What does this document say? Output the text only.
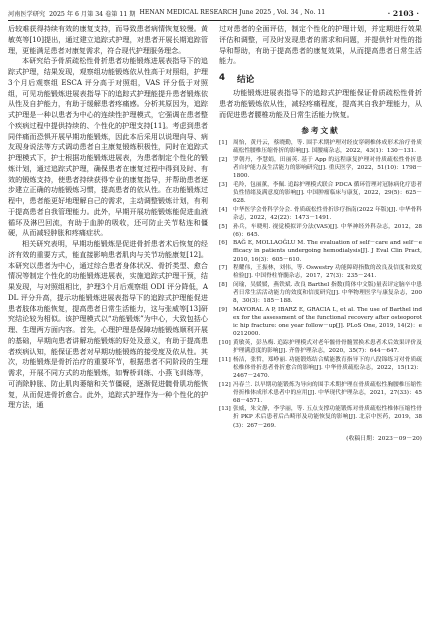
河南医学研究 2025 年 6 月第 34 卷第 11 期 HENAN MEDICAL RESEARCH June 2025 , Vol. 34 , No. 11	· 2103 ·

后较难获得持续有效的康复支持，而导致患者病情恢复较慢。黄敏英等[10]提出，通过建立追踪式护理，对患者开展长期追踪管理，更能满足患者对康复需求，符合现代护理服务理念。

本研究给予骨质疏松性骨折患者功能锻炼进展表指导下的追踪式护理，结果发现，观察组功能锻炼依从性高于对照组，护理3个月后观察组 ESCA 评分高于对照组，VAS 评分低于对照组，可见功能锻炼进展表指导下的追踪式护理能提升患者锻炼依从性及自护能力，有助于缓解患者疼痛感。分析其原因为，追踪式护理是一种以患者为中心的连续性护理模式，它强调在患者整个疾病过程中提供持续的、个性化的护理支持[11]。考虑到患者同伴痛而恐惧开展早期功能锻炼，因此本后采用以说理向导、病友现身说法等方式调动患者自主康复锻炼积极性，同时在追踪式护理模式下，护士根据功能锻炼进展表，为患者制定个性化的锻炼计划，通过追踪式护理，确保患者在康复过程中得到及时、有效的锻炼支持，使患者持续获得专业的康复指导，并帮助患者逐步建立正确的功能锻炼习惯，提高患者的依从性。在功能锻炼过程中，患者能更好地理解自己的需求，主动调整锻炼计划，有利于提高患者自我管理能力。此外，早期开展功能锻炼能促进血液循环及淋巴回流，有助于血肿的吸收，还可防止关节粘连和僵硬，从而减轻肿胀和疼痛症状。

相关研究表明，早期功能锻炼是促进骨折患者术后恢复的经济有效的重要方式，能直接影响患者肌肉与关节功能康复[12]。本研究以患者为中心，通过综合患者身体状况、骨折类型、愈合情况等制定个性化的功能锻炼进展表，实施追踪式护理干预，结果发现，与对照组相比，护理3个月后观察组 ODI 评分降低，ADL 评分升高，提示功能锻炼进展表指导下的追踪式护理能促进患者肢体功能恢复，提高患者日常生活能力，这与张威等[13]研究结论较为相似。该护理模式以“功能锻炼”为中心，大致包括心理、生理两方面内容。首先，心理护理是保障功能锻炼顺利开展的基础，早期向患者讲解功能锻炼的好处及意义，有助于提高患者疾病认知，能保证患者对早期功能锻炼的接受度及依从性。其次，功能锻炼是骨折治疗的重要环节，根据患者不同阶段的生理需求，开展不同方式的功能锻炼，如臀桥训练、小燕飞训练等，可消除肿胀、防止肌肉萎缩和关节僵硬，逐渐促进髋骨肌功能恢复，从而促进骨折愈合。此外，追踪式护理作为一种个性化的护理方法，通

过对患者的全面评估，制定个性化的护理计划，并定期进行效果评估和调整，可及时发现患者的需求和问题，并提供针对性的指导和帮助，有助于提高患者的康复效果，从而提高患者日常生活能力。

4 结论

功能锻炼进展表指导下的追踪式护理能保证骨质疏松性骨折患者功能锻炼依从性，减轻疼痛程度，提高其自我护理能力，从而促进患者腰椎功能及日常生活能力恢复。

参考文献
[1]	周怡，黄丹云，蔡晓勤，等. 围手术期护理对经皮穿刺椎体成形术治疗骨质疏松性腰椎压缩骨折的影响[J]. 国腰痛杂志，2022，43(1)：130－131.
[2]	罗朝丹，李慧娟，田丽英. 基于 App 的远程康复护理对骨质疏松性骨折患者自护能力及生活能力的影响研究[J]. 重庆医学，2022，51(10)：1798－1800.
[3]	毛羚，包丽薰，李佩. 追踪护理模式联合 PDCA 循环管理对冠脉病化疗患者负性情绪及满意度的影响[J]. 中国肿瘤临床与康复，2022，29(5)：625－628.
[4]	中华医学会骨科学分会. 骨质疏松性骨折诊疗指南(2022 年版)[J]. 中华骨科杂志，2022，42(22)：1473－1491.
[5]	孙兵，车晓明. 视觉模拟评分法(VAS)[J]. 中华神经外科杂志，2012，28(6)：645.
[6]	BAĞ E, MOLLAOĞLU M. The evaluation of self－care and self－efficacy in patients undergoing hemodialysis[J]. J Eval Clin Pract, 2010, 16(3)：605－610.
[7]	程耀伟，王振林，刘伟，等. Oswestry 功能障碍指数的改良及信度和效度检验[J]. 中国脊柱脊髓杂志，2017，27(3)：235－241.
[8]	闵瑜，吴媛媛，燕铁斌. 改良 Barthel 指数(简体中文版)量表评定脑卒中患者日常生活活动能力的效度和信度研究[J]. 中华物理医学与康复杂志，2008，30(3)：185－188.
[9]	MAYORAL A P, IBARZ E, GRACIA L, et al. The use of Barthel index for the assessment of the functional recovery after osteoporotic hip fracture: one year follow－up[J]. PLoS One, 2019, 14(2)：e0212000.
[10] 黄敏英，彭丛梅. 追踪护理模式对老年髋骨骨髓置换术患者术后效果评价及护理满意度的影响[J]. 齐鲁护理杂志，2020，35(7)：644－647.
[11] 杨洁，张哲，郑峥丽. 功能锻炼结合赋能教育指导下的八段锦练习对骨质疏松椎体骨折患者骨折愈合的影响[J]. 中华骨质疏松杂志，2022，15(12)：2467－2470.
[12] 冯春兰. 以早期功能锻炼为导向的围手术期护理在骨质疏松性胸腰椎压缩性骨折椎体成形术患者中的应用[J]. 中华现代护理杂志，2021，27(33)：4568－4571.
[13] 张威，朱文静，李学丽，等. 五点支撑功能锻炼对骨质疏松性椎体压缩性骨折 PKP 术后患者后凸畸形及功能恢复的影响[J]. 北京中医药，2019，38(3)：267－269.
(收稿日期：2023－09－20)
